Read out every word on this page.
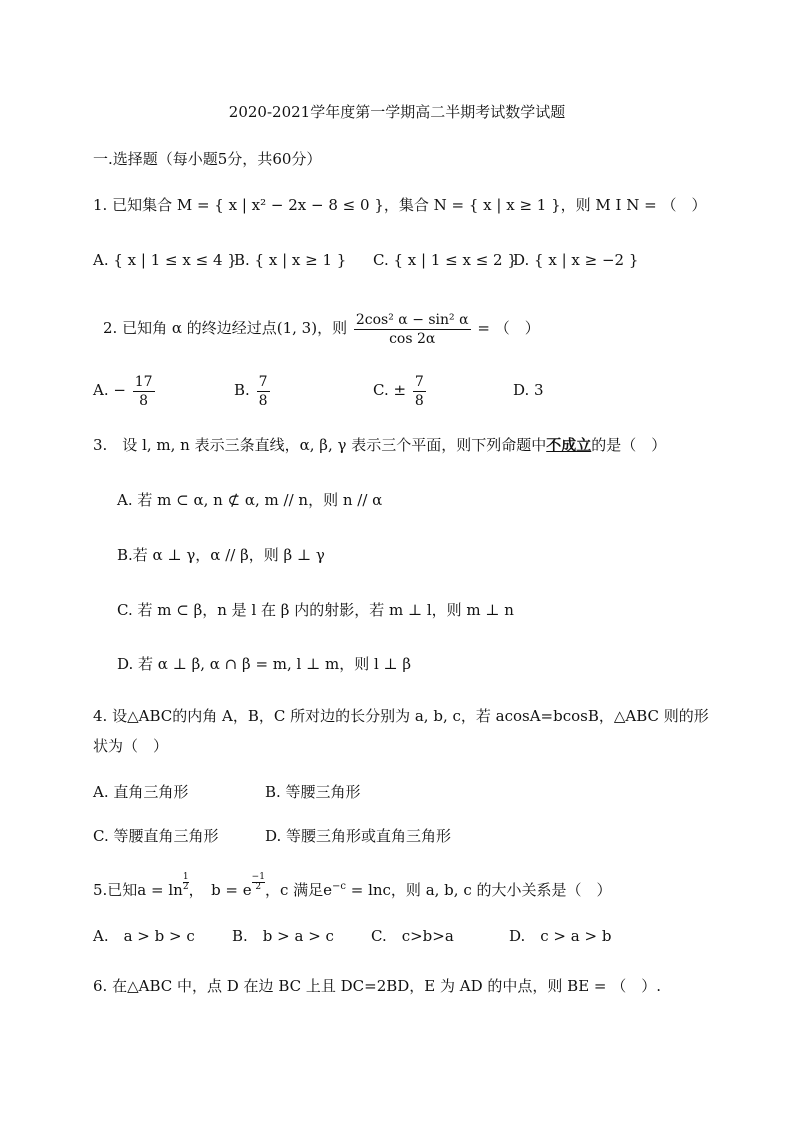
2020-2021学年度第一学期高二半期考试数学试题
一.选择题（每小题5分，共60分）
1. 已知集合 M = { x | x² − 2x − 8 ≤ 0 }，集合 N = { x | x ≥ 1 }，则 M I N = （　）
A. { x | 1 ≤ x ≤ 4 }
B. { x | x ≥ 1 } C. { x | 1 ≤ x ≤ 2 }
D. { x | x ≥ −2 }
2. 已知角 α 的终边经过点(1, 3)，则 $\frac{\text{2cos² α − sin² α}}{\cos 2\alpha}$ = （　）
A. − $\frac{17}{8}$	B. $\frac{7}{8}$	C. ± $\frac{7}{8}$	D. 3
3.　设 l, m, n 表示三条直线，α, β, γ 表示三个平面，则下列命题中不成立的是（　）
A. 若 m ⊂ α, n ⊄ α, m // n，则 n // α
B.若 α ⊥ γ，α // β，则 β ⊥ γ
C. 若 m ⊂ β，n 是 l 在 β 内的射影，若 m ⊥ l，则 m ⊥ n
D. 若 α ⊥ β, α ∩ β = m, l ⊥ m，则 l ⊥ β
4. 设△ABC的内角 A，B，C 所对边的长分别为 a, b, c，若 acosA=bcosB，△ABC 则的形
状为（　）
A. 直角三角形	B. 等腰三角形
C. 等腰直角三角形	D. 等腰三角形或直角三角形
5.已知$a = \ln \frac{1}{2}$ ，　b = e $\frac{-1}{2}$ ，c 满足$e^{-c} = \ln c$，则 a, b, c 的大小关系是（　）
A.　a > b > c B.　b > a > c C.　c>b>a	D.　c > a > b
6. 在△ABC 中，点 D 在边 BC 上且 DC=2BD，E 为 AD 的中点，则 BE = （　）.
